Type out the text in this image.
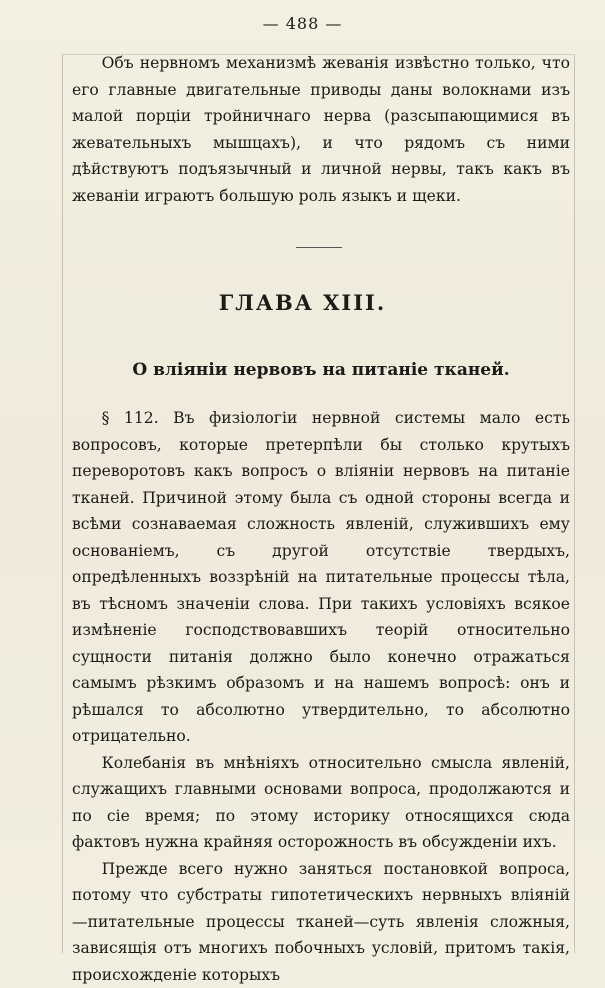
— 488 —

Объ нервномъ механизмѣ жеванія извѣстно только, что его главные двигательные приводы даны волокнами изъ малой порціи тройничнаго нерва (разсыпающимися въ жевательныхъ мышцахъ), и что рядомъ съ ними дѣйствуютъ подъязычный и личной нервы, такъ какъ въ жеваніи играютъ большую роль языкъ и щеки.

ГЛАВА XIII.
О вліяніи нервовъ на питаніе тканей.

§ 112. Въ физіологіи нервной системы мало есть вопросовъ, которые претерпѣли бы столько крутыхъ переворотовъ какъ вопросъ о вліяніи нервовъ на питаніе тканей. Причиной этому была съ одной стороны всегда и всѣми сознаваемая сложность явленій, служившихъ ему основаніемъ, съ другой отсутствіе твердыхъ, опредѣленныхъ воззрѣній на питательные процессы тѣла, въ тѣсномъ значеніи слова. При такихъ условіяхъ всякое измѣненіе господствовавшихъ теорій относительно сущности питанія должно было конечно отражаться самымъ рѣзкимъ образомъ и на нашемъ вопросѣ: онъ и рѣшался то абсолютно утвердительно, то абсолютно отрицательно.

Колебанія въ мнѣніяхъ относительно смысла явленій, служащихъ главными основами вопроса, продолжаются и по сіе время; по этому историку относящихся сюда фактовъ нужна крайняя осторожность въ обсужденіи ихъ.

Прежде всего нужно заняться постановкой вопроса, потому что субстраты гипотетическихъ нервныхъ вліяній —питательные процессы тканей—суть явленія сложныя, зависящія отъ многихъ побочныхъ условій, притомъ такія, происхожденіе которыхъ
